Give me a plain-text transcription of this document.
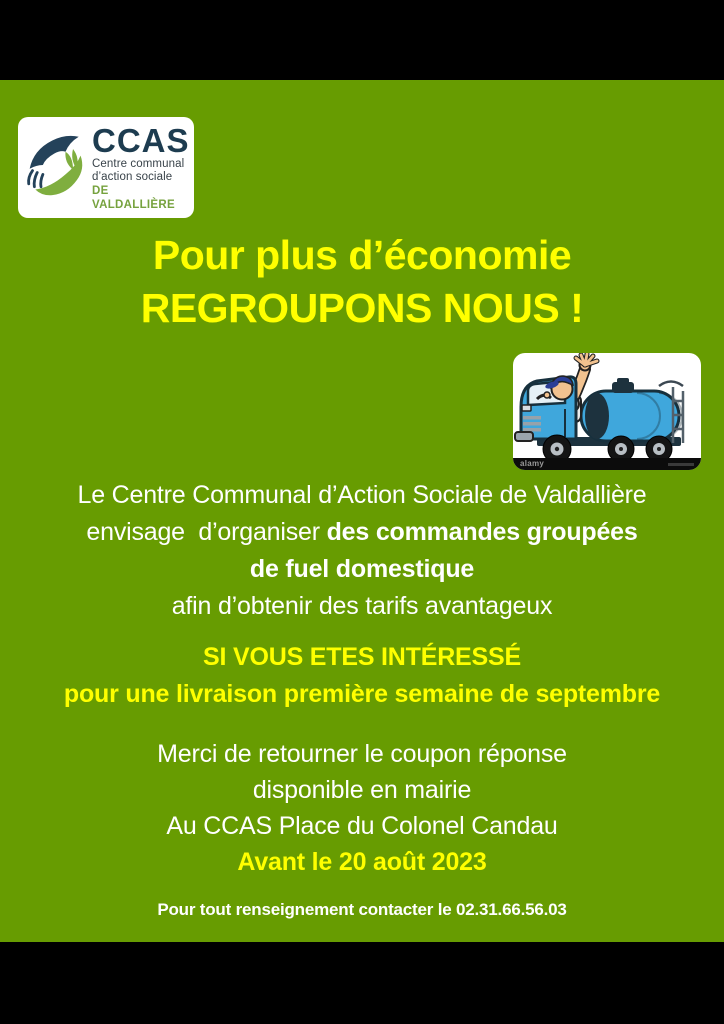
CCAS
Centre communal
d’action sociale
DE VALDALLIÈRE
Pour plus d’économie
REGROUPONS NOUS !
alamy
Le Centre Communal d’Action Sociale de Valdallière
envisage  d’organiser des commandes groupées
de fuel domestique
afin d’obtenir des tarifs avantageux
SI VOUS ETES INTÉRESSÉ
pour une livraison première semaine de septembre
Merci de retourner le coupon réponse
disponible en mairie
Au CCAS Place du Colonel Candau
Avant le 20 août 2023
Pour tout renseignement contacter le 02.31.66.56.03
